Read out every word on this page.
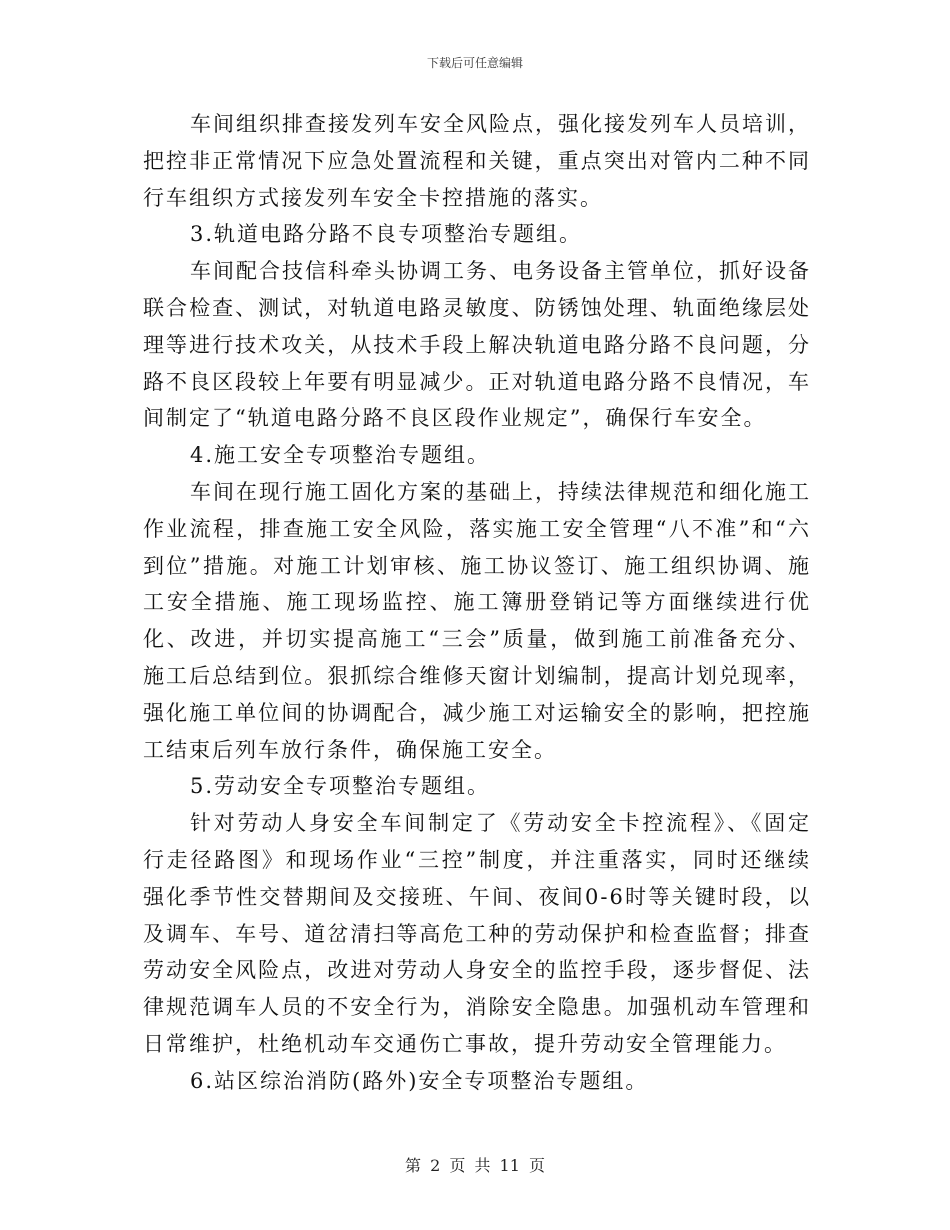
下载后可任意编辑

车间组织排查接发列车安全风险点，强化接发列车人员培训，把控非正常情况下应急处置流程和关键，重点突出对管内二种不同行车组织方式接发列车安全卡控措施的落实。

3.轨道电路分路不良专项整治专题组。

车间配合技信科牵头协调工务、电务设备主管单位，抓好设备联合检查、测试，对轨道电路灵敏度、防锈蚀处理、轨面绝缘层处理等进行技术攻关，从技术手段上解决轨道电路分路不良问题，分路不良区段较上年要有明显减少。正对轨道电路分路不良情况，车间制定了“轨道电路分路不良区段作业规定”，确保行车安全。

4.施工安全专项整治专题组。

车间在现行施工固化方案的基础上，持续法律规范和细化施工作业流程，排查施工安全风险，落实施工安全管理“八不准”和“六到位”措施。对施工计划审核、施工协议签订、施工组织协调、施工安全措施、施工现场监控、施工簿册登销记等方面继续进行优化、改进，并切实提高施工“三会”质量，做到施工前准备充分、施工后总结到位。狠抓综合维修天窗计划编制，提高计划兑现率，强化施工单位间的协调配合，减少施工对运输安全的影响，把控施工结束后列车放行条件，确保施工安全。

5.劳动安全专项整治专题组。

针对劳动人身安全车间制定了《劳动安全卡控流程》、《固定行走径路图》和现场作业“三控”制度，并注重落实，同时还继续强化季节性交替期间及交接班、午间、夜间0-6时等关键时段，以及调车、车号、道岔清扫等高危工种的劳动保护和检查监督；排查劳动安全风险点，改进对劳动人身安全的监控手段，逐步督促、法律规范调车人员的不安全行为，消除安全隐患。加强机动车管理和日常维护，杜绝机动车交通伤亡事故，提升劳动安全管理能力。

6.站区综治消防(路外)安全专项整治专题组。

第 2 页 共 11 页
